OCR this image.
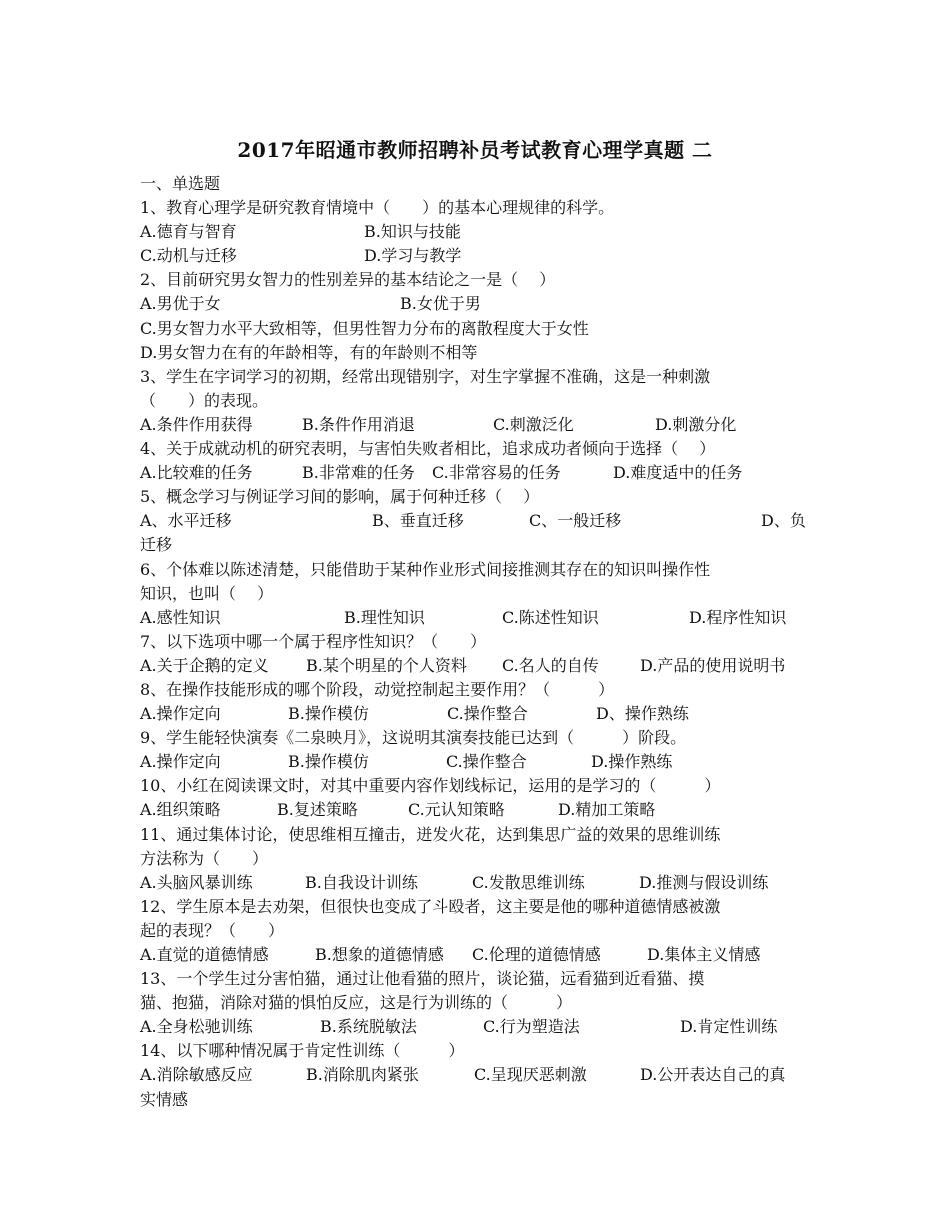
2017年昭通市教师招聘补员考试教育心理学真题 二

一、单选题

1、教育心理学是研究教育情境中（　　）的基本心理规律的科学。

A.德育与智育	B.知识与技能
C.动机与迁移	D.学习与教学

2、目前研究男女智力的性别差异的基本结论之一是（　 ）

A.男优于女	B.女优于男

C.男女智力水平大致相等，但男性智力分布的离散程度大于女性

D.男女智力在有的年龄相等，有的年龄则不相等

3、学生在字词学习的初期，经常出现错别字，对生字掌握不准确，这是一种刺激

（　　）的表现。

A.条件作用获得	B.条件作用消退	C.刺激泛化	D.刺激分化

4、关于成就动机的研究表明，与害怕失败者相比，追求成功者倾向于选择（　 ）

A.比较难的任务	B.非常难的任务	C.非常容易的任务	D.难度适中的任务

5、概念学习与例证学习间的影响，属于何种迁移（　 ）

A、水平迁移	B、垂直迁移	C、一般迁移	D、负

迁移

6、个体难以陈述清楚，只能借助于某种作业形式间接推测其存在的知识叫操作性

知识，也叫（　 ）

A.感性知识	B.理性知识	C.陈述性知识	D.程序性知识

7、以下选项中哪一个属于程序性知识？（　　）

A.关于企鹅的定义	B.某个明星的个人资料	C.名人的自传	D.产品的使用说明书

8、在操作技能形成的哪个阶段，动觉控制起主要作用？（　　　）

A.操作定向	B.操作模仿	C.操作整合	D、操作熟练

9、学生能轻快演奏《二泉映月》，这说明其演奏技能已达到（　　　）阶段。

A.操作定向	B.操作模仿	C.操作整合	D.操作熟练

10、小红在阅读课文时，对其中重要内容作划线标记，运用的是学习的（　　　）

A.组织策略	B.复述策略	C.元认知策略	D.精加工策略

11、通过集体讨论，使思维相互撞击，迸发火花，达到集思广益的效果的思维训练

方法称为（　　）

A.头脑风暴训练	B.自我设计训练	C.发散思维训练	D.推测与假设训练

12、学生原本是去劝架，但很快也变成了斗殴者，这主要是他的哪种道德情感被激

起的表现？（　　）

A.直觉的道德情感	B.想象的道德情感	C.伦理的道德情感	D.集体主义情感

13、一个学生过分害怕猫，通过让他看猫的照片，谈论猫，远看猫到近看猫、摸

猫、抱猫，消除对猫的惧怕反应，这是行为训练的（　　　）

A.全身松驰训练	B.系统脱敏法	C.行为塑造法	D.肯定性训练

14、以下哪种情况属于肯定性训练（　　　）

A.消除敏感反应	B.消除肌肉紧张	C.呈现厌恶刺激	D.公开表达自己的真

实情感
